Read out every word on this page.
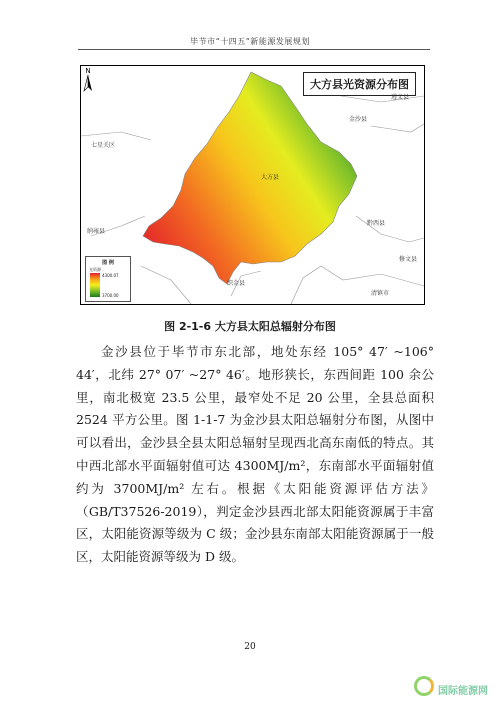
毕节市“十四五”新能源发展规划
N
大方县光资源分布图
遵义县
金沙县
七星关区
大方县
黔西县
纳雍县
织金县
修文县
清镇市
图 例
光资源
4300.07
3700.00
图 2-1-6 大方县太阳总辐射分布图

金沙县位于毕节市东北部，地处东经 105° 47′ ~106° 44′，北纬 27° 07′ ~27° 46′。地形狭长，东西间距 100 余公里，南北极宽 23.5 公里，最窄处不足 20 公里，全县总面积 2524 平方公里。图 1-1-7 为金沙县太阳总辐射分布图，从图中可以看出，金沙县全县太阳总辐射呈现西北高东南低的特点。其中西北部水平面辐射值可达 4300MJ/m²，东南部水平面辐射值约为 3700MJ/m² 左右。根据《太阳能资源评估方法》（GB/T37526-2019），判定金沙县西北部太阳能资源属于丰富区，太阳能资源等级为 C 级；金沙县东南部太阳能资源属于一般区，太阳能资源等级为 D 级。

20
国际能源网
